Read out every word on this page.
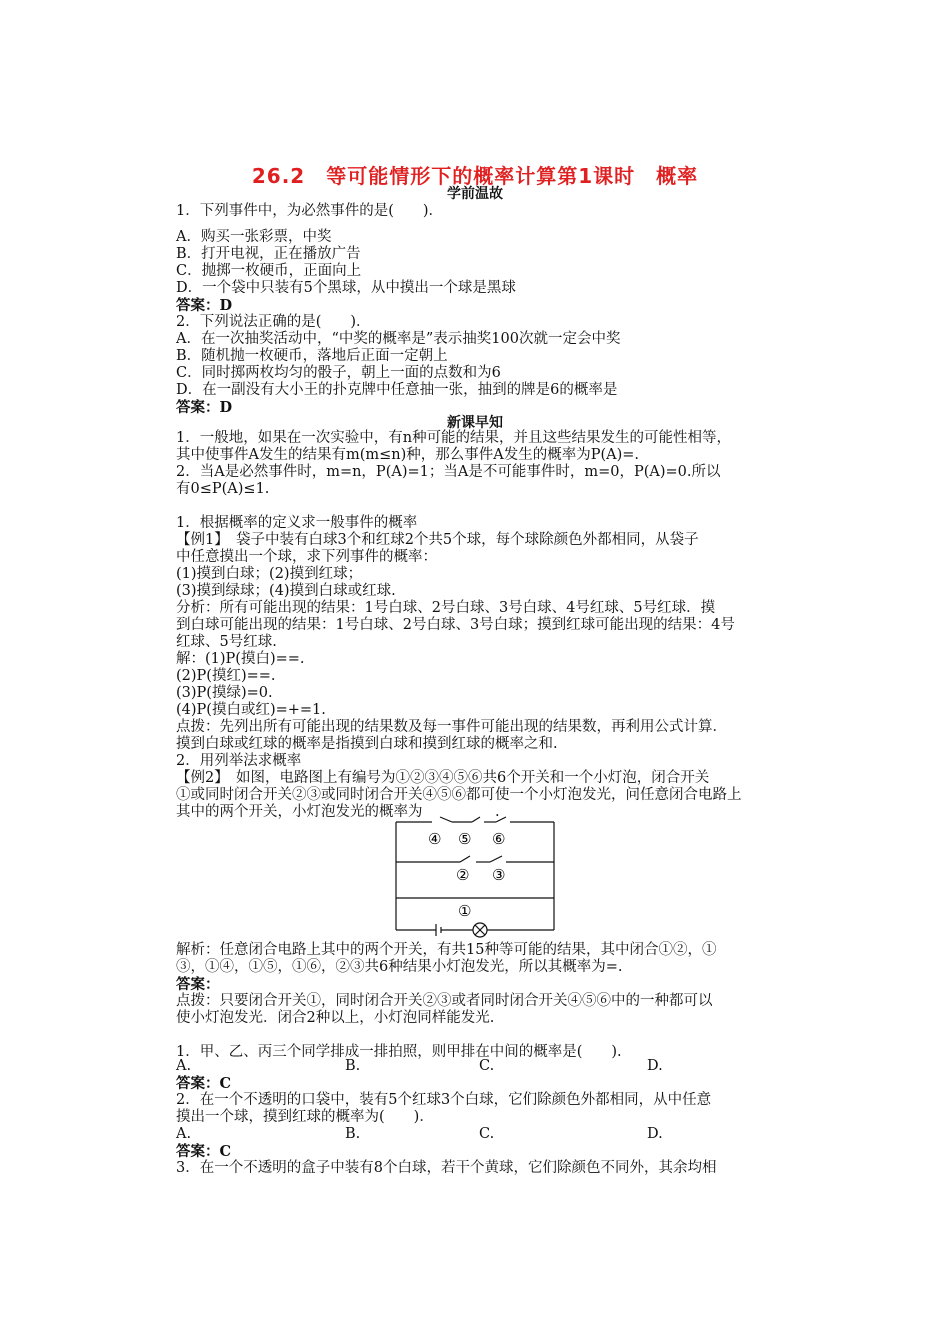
26.2　等可能情形下的概率计算第1课时　概率
学前温故
1．下列事件中，为必然事件的是(　　)．
A．购买一张彩票，中奖
B．打开电视，正在播放广告
C．抛掷一枚硬币，正面向上
D．一个袋中只装有5个黑球，从中摸出一个球是黑球
答案：D
2．下列说法正确的是(　　)．
A．在一次抽奖活动中，“中奖的概率是”表示抽奖100次就一定会中奖
B．随机抛一枚硬币，落地后正面一定朝上
C．同时掷两枚均匀的骰子，朝上一面的点数和为6
D．在一副没有大小王的扑克牌中任意抽一张，抽到的牌是6的概率是
答案：D
新课早知
1．一般地，如果在一次实验中，有n种可能的结果，并且这些结果发生的可能性相等，
其中使事件A发生的结果有m(m≤n)种，那么事件A发生的概率为P(A)=.
2．当A是必然事件时，m=n，P(A)=1；当A是不可能事件时，m=0，P(A)=0.所以
有0≤P(A)≤1.
1．根据概率的定义求一般事件的概率
【例1】　袋子中装有白球3个和红球2个共5个球，每个球除颜色外都相同，从袋子
中任意摸出一个球，求下列事件的概率：
(1)摸到白球；(2)摸到红球；
(3)摸到绿球；(4)摸到白球或红球.
分析：所有可能出现的结果：1号白球、2号白球、3号白球、4号红球、5号红球．摸
到白球可能出现的结果：1号白球、2号白球、3号白球；摸到红球可能出现的结果：4号
红球、5号红球.
解：(1)P(摸白)==.
(2)P(摸红)==.
(3)P(摸绿)=0.
(4)P(摸白或红)=+=1.
点拨：先列出所有可能出现的结果数及每一事件可能出现的结果数，再利用公式计算．
摸到白球或红球的概率是指摸到白球和摸到红球的概率之和.
2．用列举法求概率
【例2】　如图，电路图上有编号为①②③④⑤⑥共6个开关和一个小灯泡，闭合开关
①或同时闭合开关②③或同时闭合开关④⑤⑥都可使一个小灯泡发光，问任意闭合电路上
其中的两个开关，小灯泡发光的概率为　　　　　.
④ ⑤ ⑥
② ③
①
解析：任意闭合电路上其中的两个开关，有共15种等可能的结果，其中闭合①②，①
③，①④，①⑤，①⑥，②③共6种结果小灯泡发光，所以其概率为=.
答案：
点拨：只要闭合开关①，同时闭合开关②③或者同时闭合开关④⑤⑥中的一种都可以
使小灯泡发光．闭合2种以上，小灯泡同样能发光.
1．甲、乙、丙三个同学排成一排拍照，则甲排在中间的概率是(　　).
A.	B.	C.	D.
答案：C
2．在一个不透明的口袋中，装有5个红球3个白球，它们除颜色外都相同，从中任意
摸出一个球，摸到红球的概率为(　　)．
A.	B.	C.	D.
答案：C
3．在一个不透明的盒子中装有8个白球，若干个黄球，它们除颜色不同外，其余均相
